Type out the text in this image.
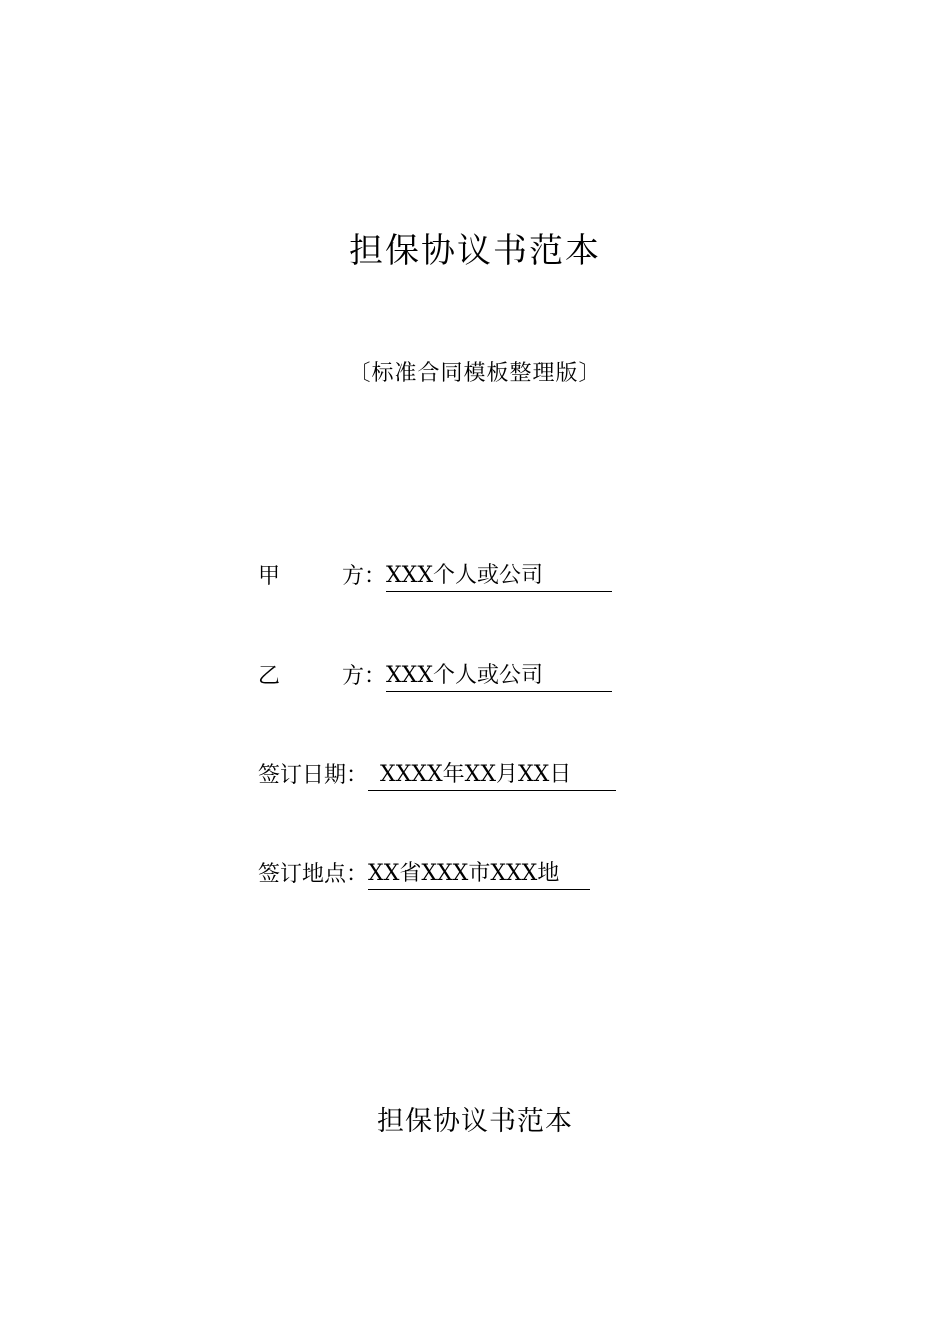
担保协议书范本
〔标准合同模板整理版〕
甲	方 ： XXX个人或公司
乙	方 ： XXX个人或公司
签订日期 ： XXXX年XX月XX日
签订地点 ： XX省XXX市XXX地
担保协议书范本
